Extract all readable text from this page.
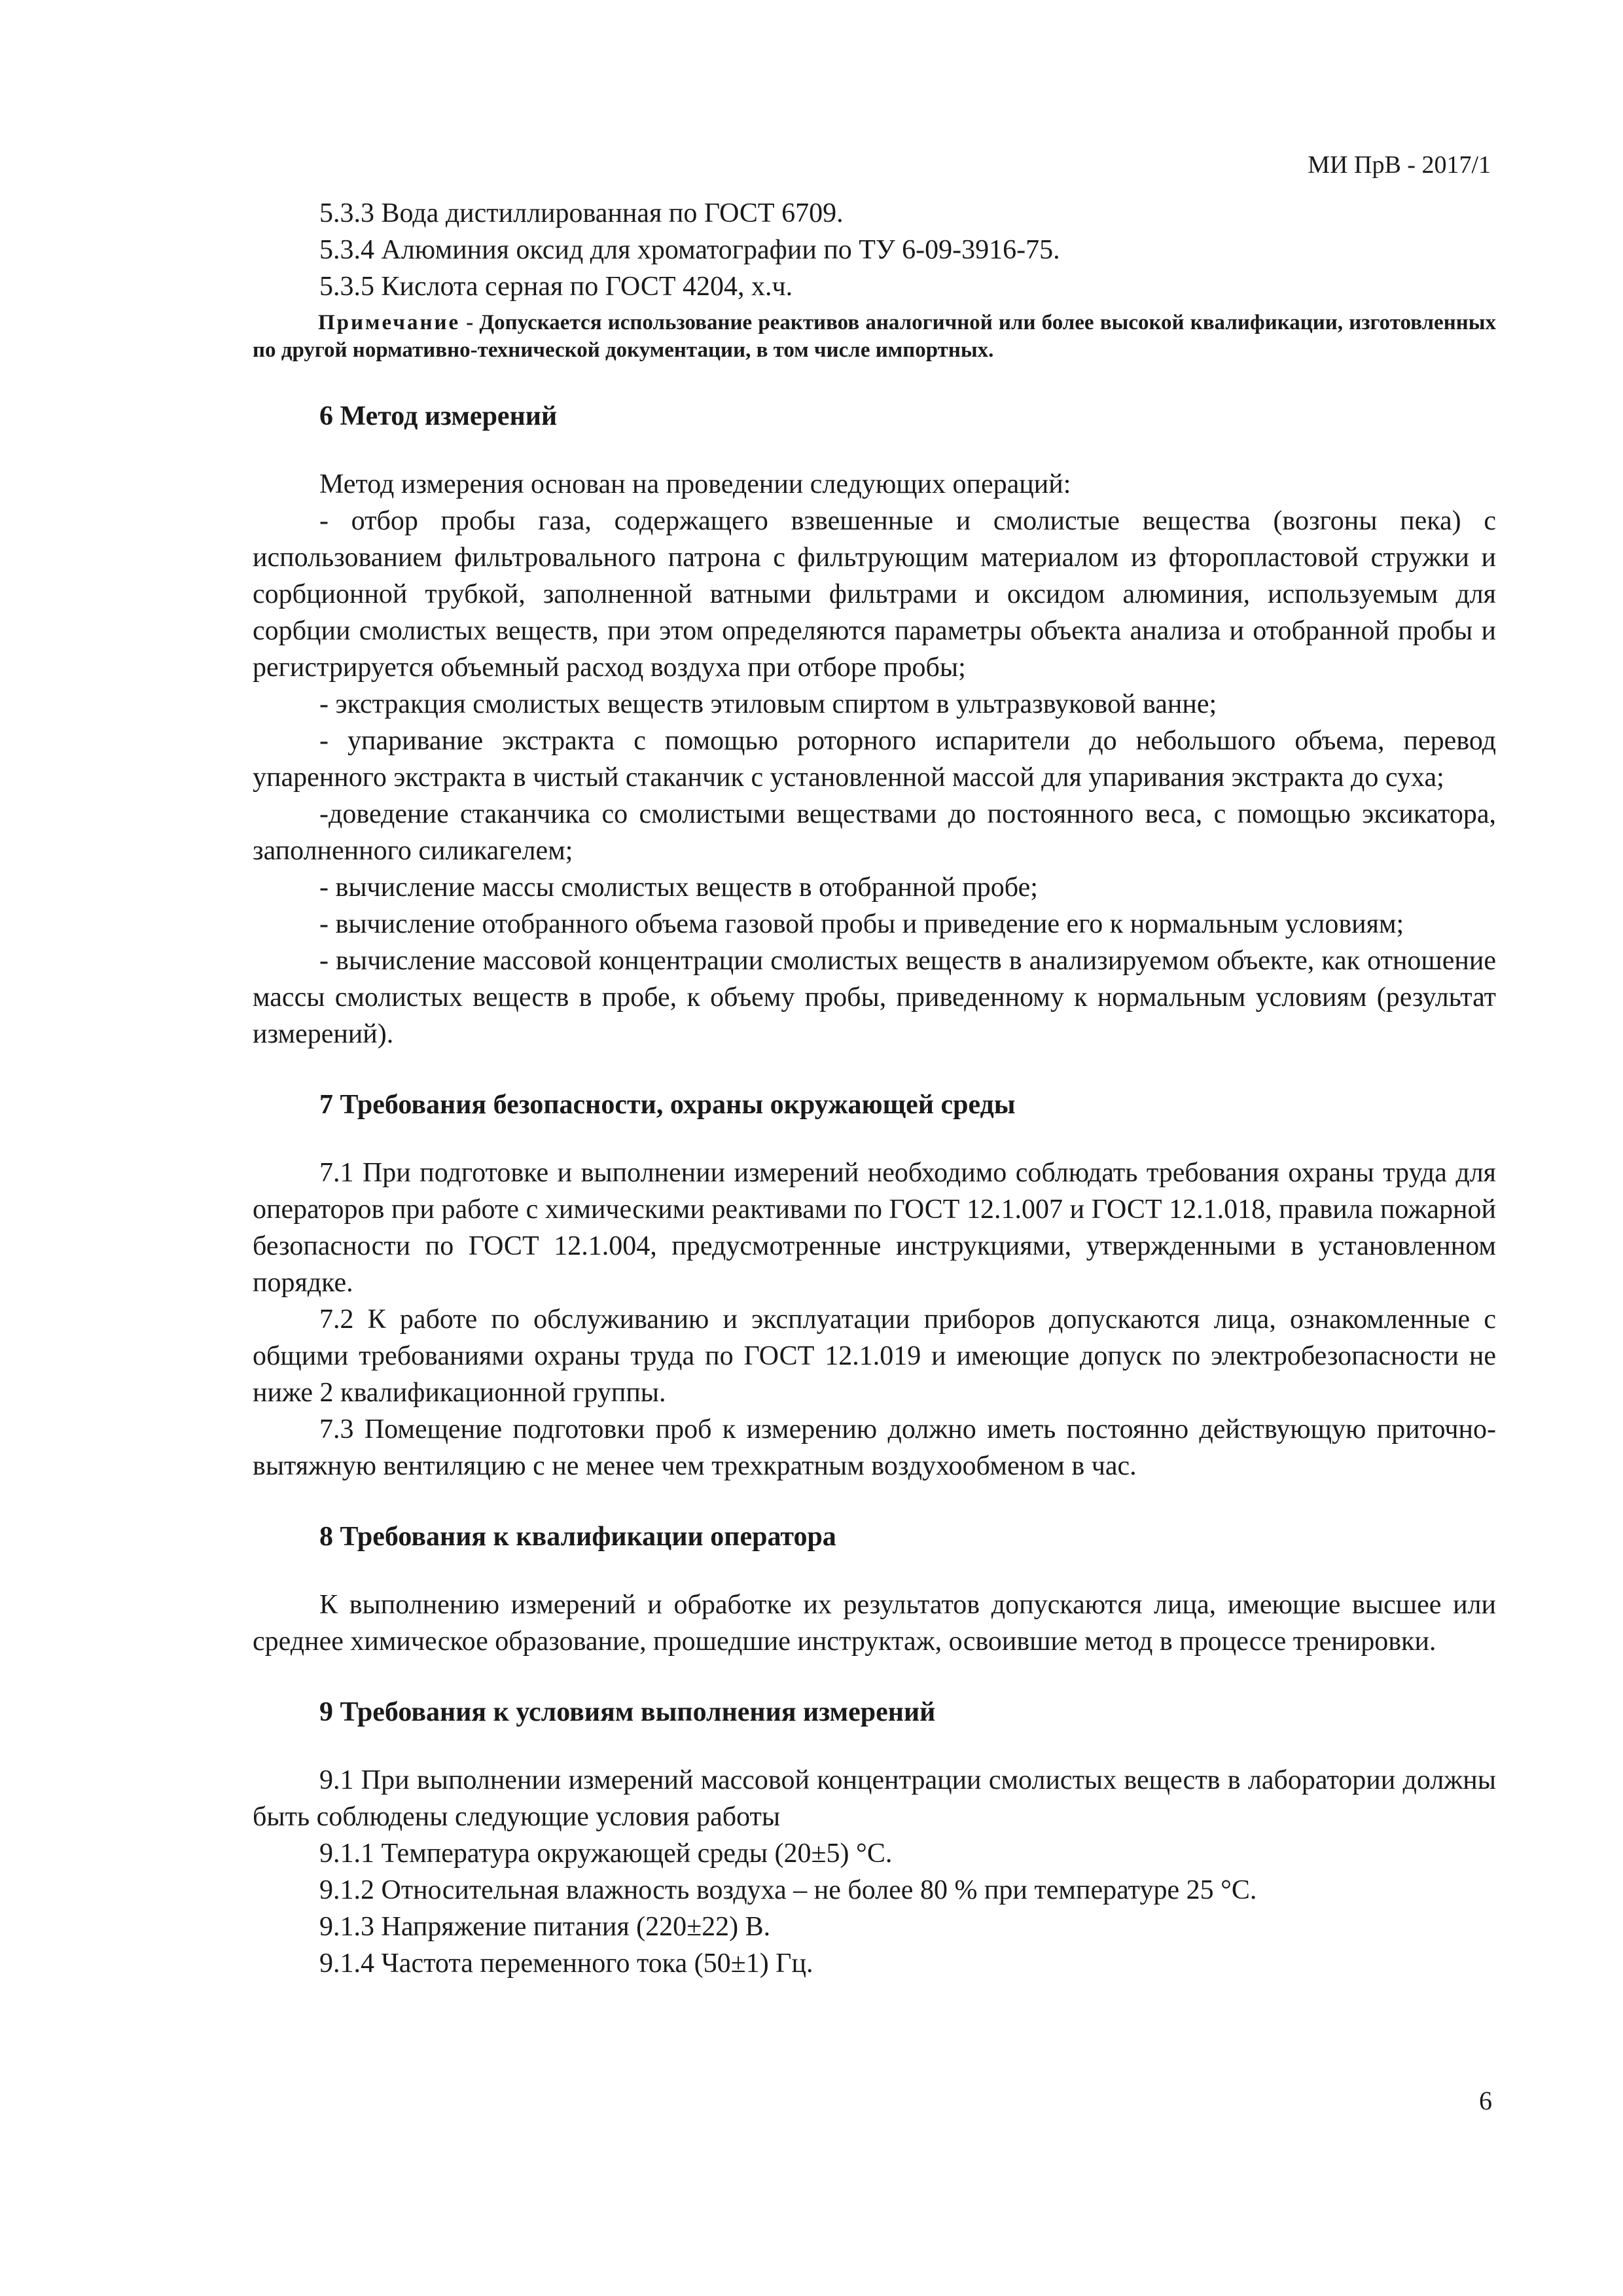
МИ ПрВ - 2017/1

5.3.3 Вода дистиллированная по ГОСТ 6709.

5.3.4 Алюминия оксид для хроматографии по ТУ 6-09-3916-75.

5.3.5 Кислота серная по ГОСТ 4204, х.ч.

Примечание - Допускается использование реактивов аналогичной или более высокой квалификации, изготовленных по другой нормативно-технической документации, в том числе импортных.

6 Метод измерений

Метод измерения основан на проведении следующих операций:

- отбор пробы газа, содержащего взвешенные и смолистые вещества (возгоны пека) с использованием фильтровального патрона с фильтрующим материалом из фторопластовой стружки и сорбционной трубкой, заполненной ватными фильтрами и оксидом алюминия, используемым для сорбции смолистых веществ, при этом определяются параметры объекта анализа и отобранной пробы и регистрируется объемный расход воздуха при отборе пробы;

- экстракция смолистых веществ этиловым спиртом в ультразвуковой ванне;

- упаривание экстракта с помощью роторного испарители до небольшого объема, перевод упаренного экстракта в чистый стаканчик с установленной массой для упаривания экстракта до суха;

-доведение стаканчика со смолистыми веществами до постоянного веса, с помощью эксикатора, заполненного силикагелем;

- вычисление массы смолистых веществ в отобранной пробе;

- вычисление отобранного объема газовой пробы и приведение его к нормальным условиям;

- вычисление массовой концентрации смолистых веществ в анализируемом объекте, как отношение массы смолистых веществ в пробе, к объему пробы, приведенному к нормальным условиям (результат измерений).

7 Требования безопасности, охраны окружающей среды

7.1 При подготовке и выполнении измерений необходимо соблюдать требования охраны труда для операторов при работе с химическими реактивами по ГОСТ 12.1.007 и ГОСТ 12.1.018, правила пожарной безопасности по ГОСТ 12.1.004, предусмотренные инструкциями, утвержденными в установленном порядке.

7.2 К работе по обслуживанию и эксплуатации приборов допускаются лица, ознакомленные с общими требованиями охраны труда по ГОСТ 12.1.019 и имеющие допуск по электробезопасности не ниже 2 квалификационной группы.

7.3 Помещение подготовки проб к измерению должно иметь постоянно действующую приточно-вытяжную вентиляцию с не менее чем трехкратным воздухообменом в час.

8 Требования к квалификации оператора

К выполнению измерений и обработке их результатов допускаются лица, имеющие высшее или среднее химическое образование, прошедшие инструктаж, освоившие метод в процессе тренировки.

9 Требования к условиям выполнения измерений

9.1 При выполнении измерений массовой концентрации смолистых веществ в лаборатории должны быть соблюдены следующие условия работы

9.1.1 Температура окружающей среды (20±5) °С.

9.1.2 Относительная влажность воздуха – не более 80 % при температуре 25 °С.

9.1.3 Напряжение питания (220±22) В.

9.1.4 Частота переменного тока (50±1) Гц.

6
